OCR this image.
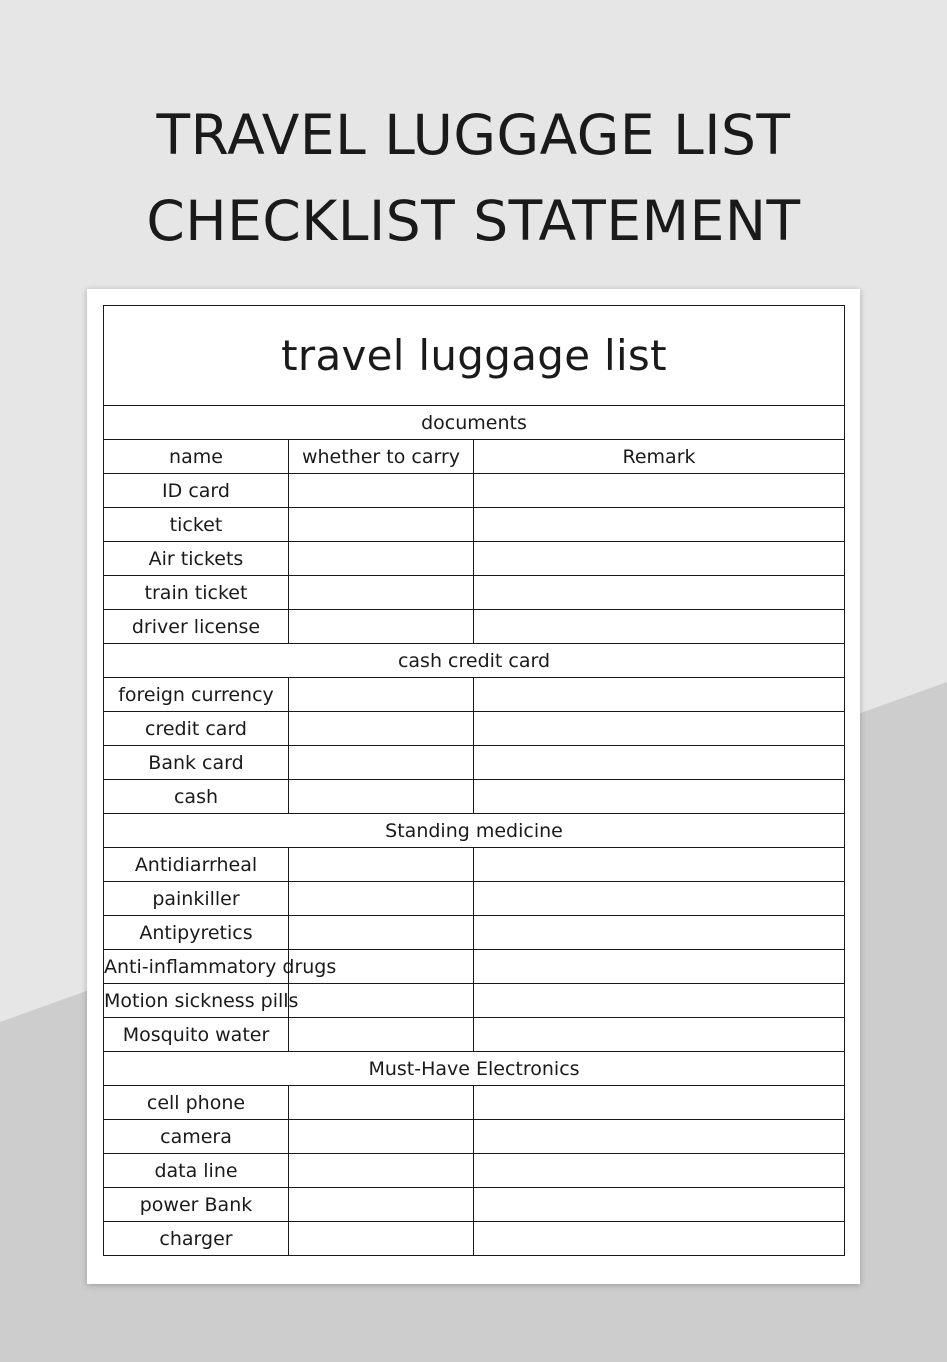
TRAVEL LUGGAGE LIST
CHECKLIST STATEMENT
travel luggage list		
documents		
name	whether to carry	Remark
ID card		
ticket		
Air tickets		
train ticket		
driver license		
cash credit card		
foreign currency		
credit card		
Bank card		
cash		
Standing medicine		
Antidiarrheal		
painkiller		
Antipyretics		
Anti-inflammatory drugs		
Motion sickness pills		
Mosquito water		
Must-Have Electronics		
cell phone		
camera		
data line		
power Bank		
charger		
